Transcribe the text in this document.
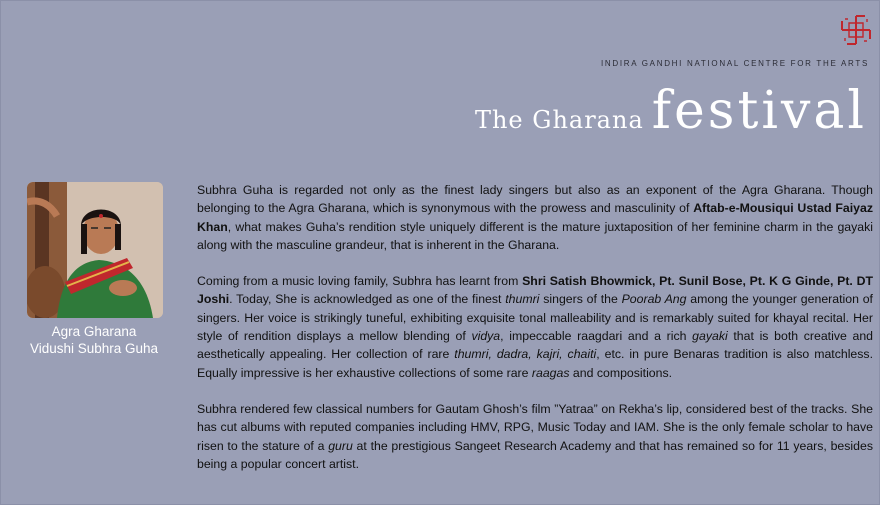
INDIRA GANDHI NATIONAL CENTRE FOR THE ARTS
The Gharana festival
Agra Gharana
Vidushi Subhra Guha

Subhra Guha is regarded not only as the finest lady singers but also as an exponent of the Agra Gharana. Though belonging to the Agra Gharana, which is synonymous with the prowess and masculinity of Aftab-e-Mousiqui Ustad Faiyaz Khan, what makes Guha’s rendition style uniquely different is the mature juxtaposition of her feminine charm in the gayaki along with the masculine grandeur, that is inherent in the Gharana.

Coming from a music loving family, Subhra has learnt from Shri Satish Bhowmick, Pt. Sunil Bose, Pt. K G Ginde, Pt. DT Joshi. Today, She is acknowledged as one of the finest thumri singers of the Poorab Ang among the younger generation of singers. Her voice is strikingly tuneful, exhibiting exquisite tonal malleability and is remarkably suited for khayal recital. Her style of rendition displays a mellow blending of vidya, impeccable raagdari and a rich gayaki that is both creative and aesthetically appealing. Her collection of rare thumri, dadra, kajri, chaiti, etc. in pure Benaras tradition is also matchless. Equally impressive is her exhaustive collections of some rare raagas and compositions.

Subhra rendered few classical numbers for Gautam Ghosh’s film ”Yatraa” on Rekha’s lip, considered best of the tracks. She has cut albums with reputed companies including HMV, RPG, Music Today and IAM. She is the only female scholar to have risen to the stature of a guru at the prestigious Sangeet Research Academy and that has remained so for 11 years, besides being a popular concert artist.
